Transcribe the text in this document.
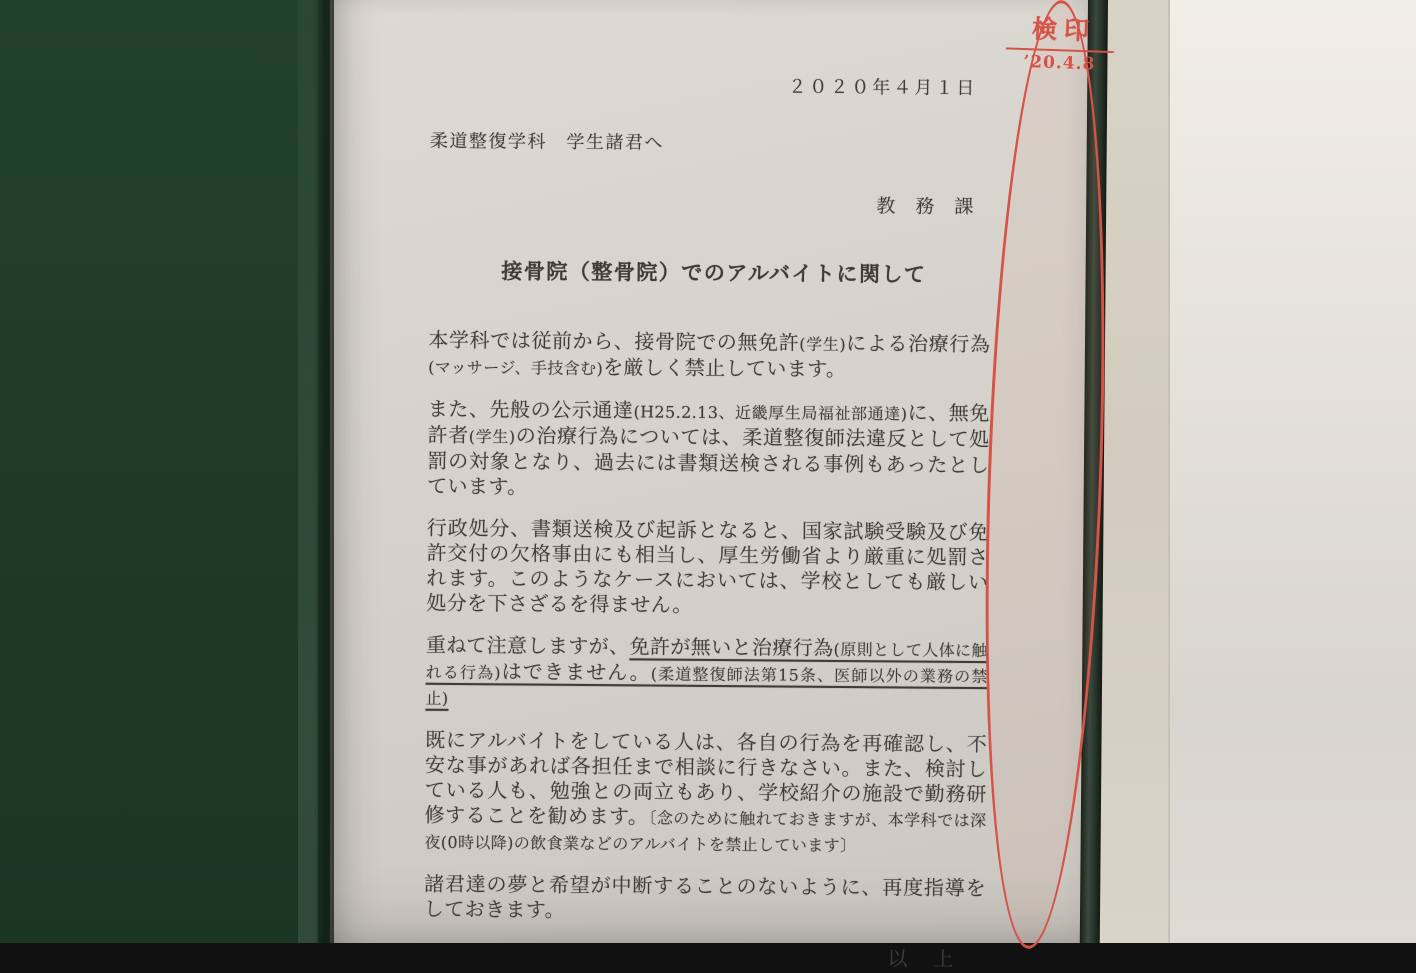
２０２０年４月１日
柔道整復学科　学生諸君へ
教 務 課
接骨院（整骨院）でのアルバイトに関して

本学科では従前から、接骨院での無免許(学生)による治療行為(マッサージ、手技含む)を厳しく禁止しています。

また、先般の公示通達(H25.2.13、近畿厚生局福祉部通達)に、無免許者(学生)の治療行為については、柔道整復師法違反として処罰の対象となり、過去には書類送検される事例もあったとしています。

行政処分、書類送検及び起訴となると、国家試験受験及び免許交付の欠格事由にも相当し、厚生労働省より厳重に処罰されます。このようなケースにおいては、学校としても厳しい処分を下さざるを得ません。

重ねて注意しますが、免許が無いと治療行為(原則として人体に触れる行為)はできません。(柔道整復師法第15条、医師以外の業務の禁止)

既にアルバイトをしている人は、各自の行為を再確認し、不安な事があれば各担任まで相談に行きなさい。また、検討している人も、勉強との両立もあり、学校紹介の施設で勤務研修することを勧めます。〔念のために触れておきますが、本学科では深夜(0時以降)の飲食業などのアルバイトを禁止しています〕

諸君達の夢と希望が中断することのないように、再度指導をしておきます。

以　上
検印
’20.4.8
